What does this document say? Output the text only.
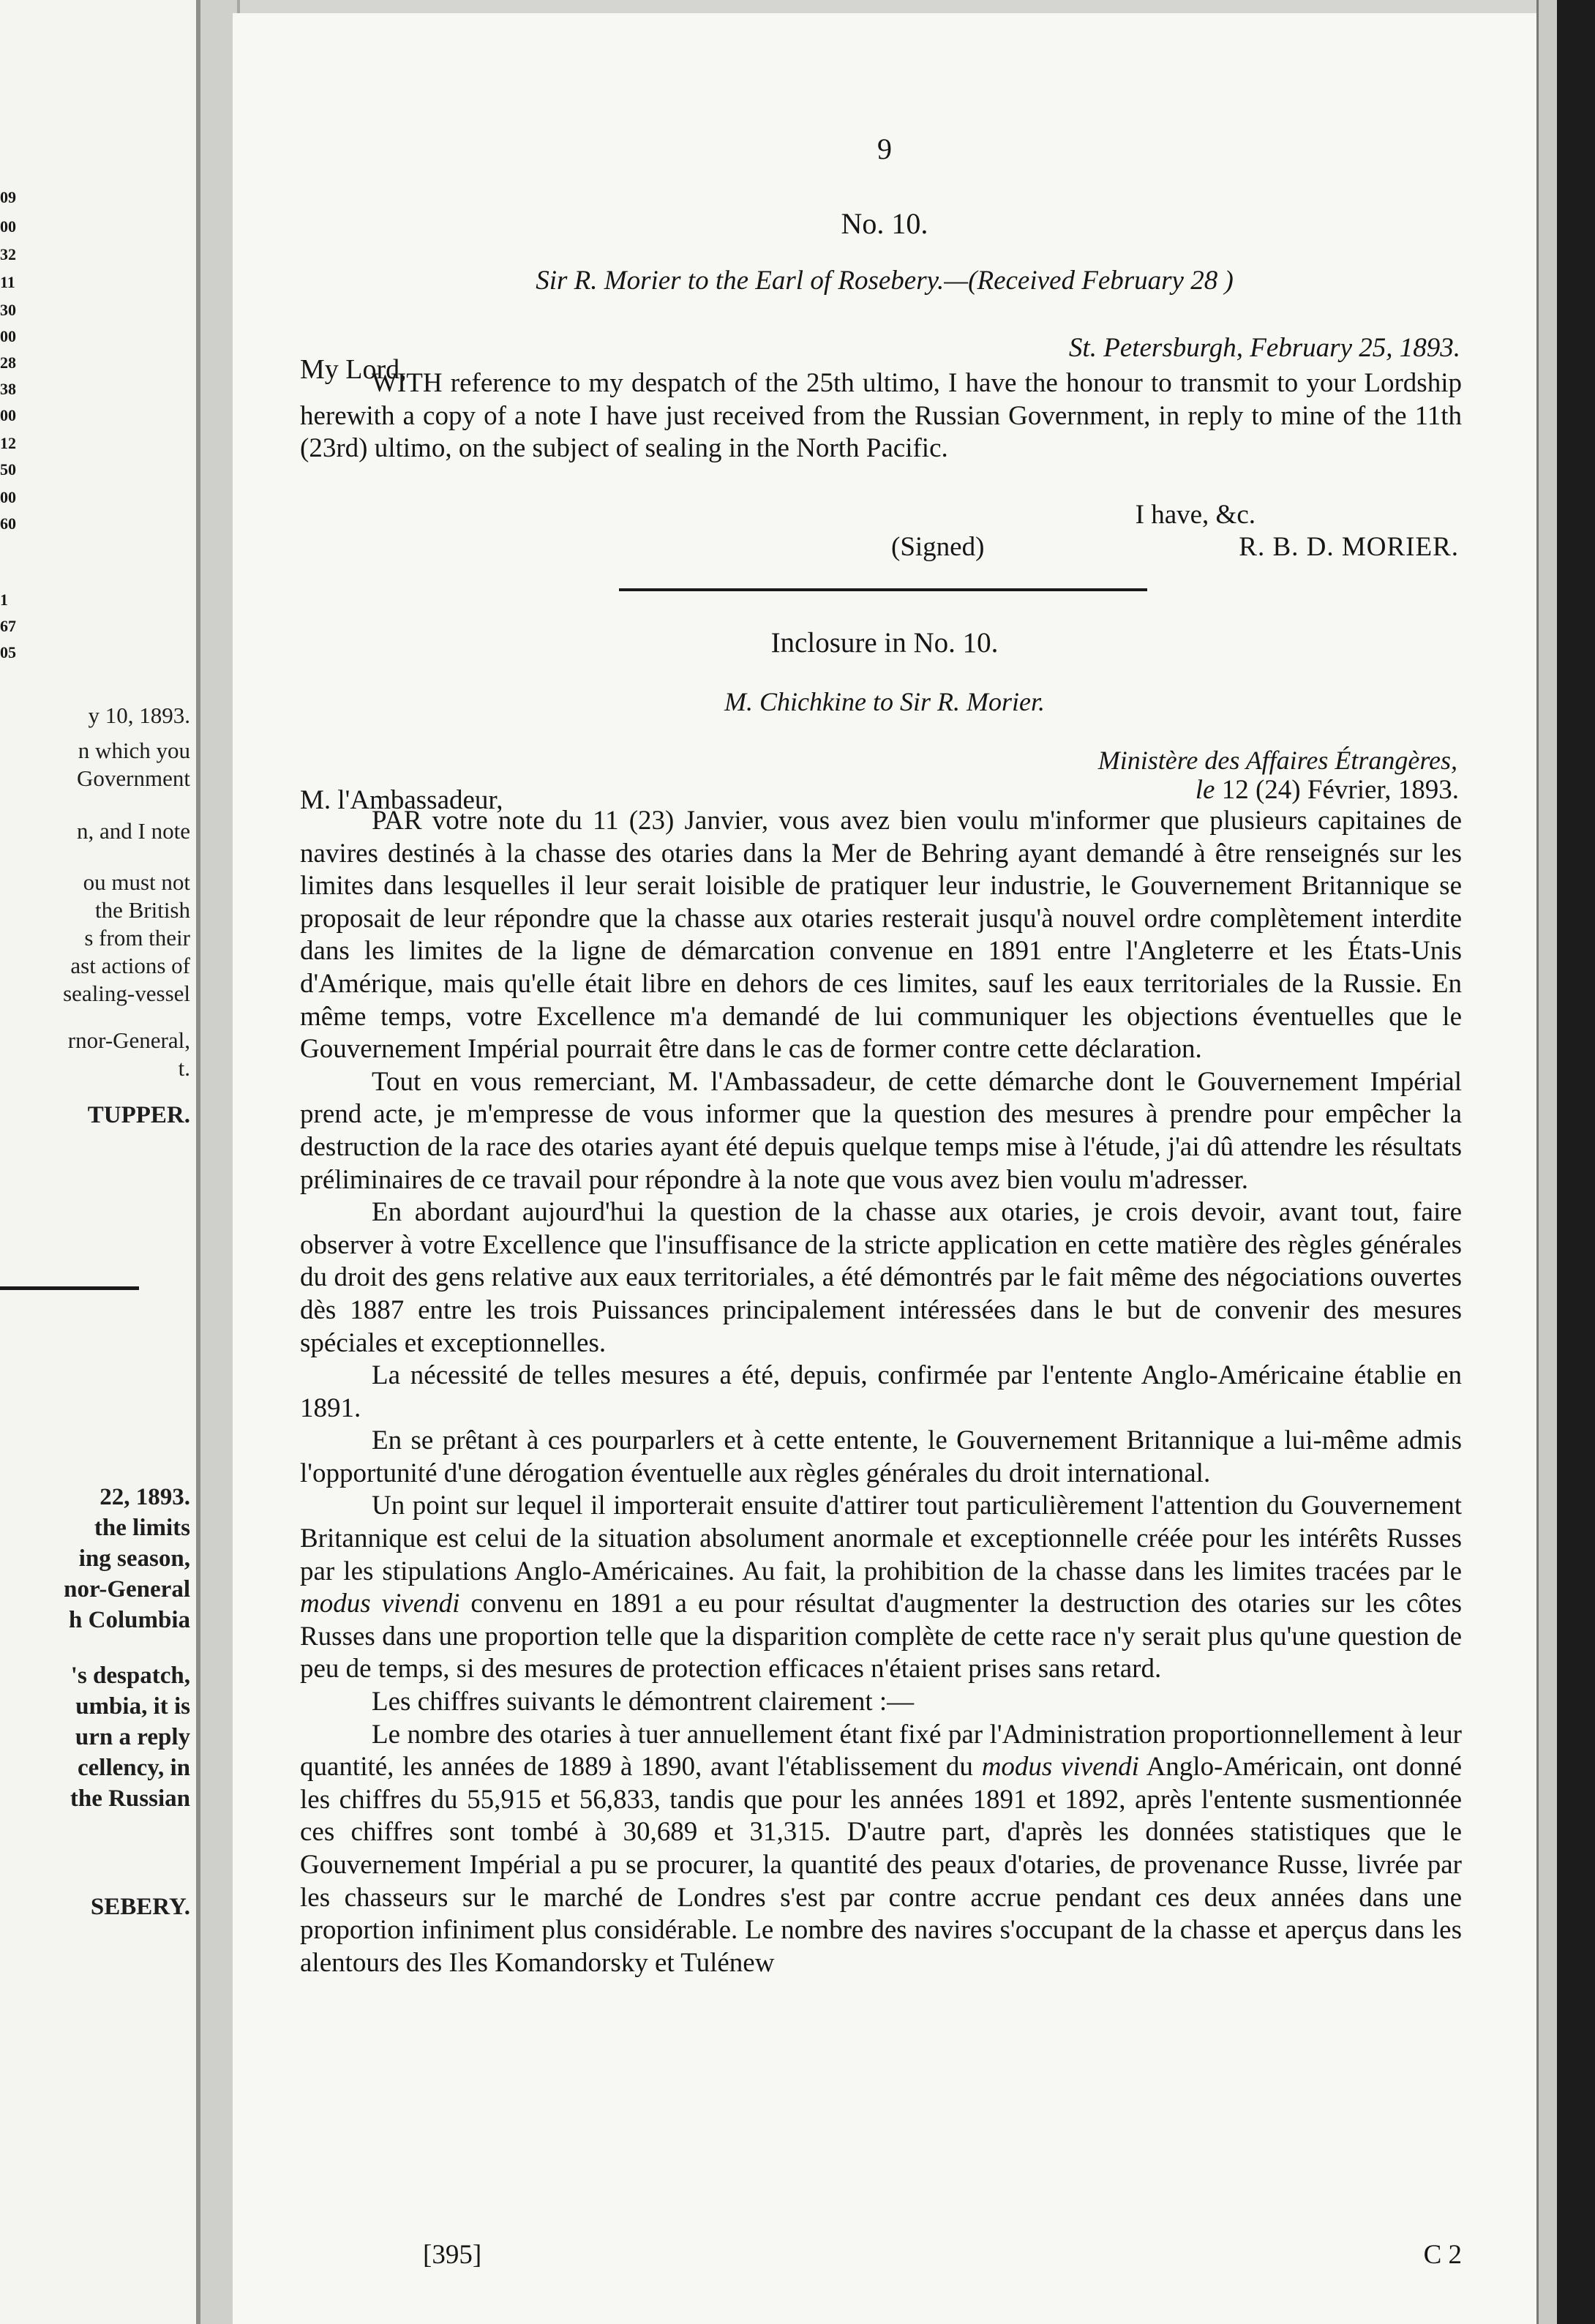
09
00
32
11
30
00
28
38
00
12
50
00
60
1
67
05
y 10, 1893.
n which you
Government
n, and I note
ou must not
the British
s from their
ast actions of
sealing-vessel
rnor-General,
t.
TUPPER.
22, 1893.
the limits
ing season,
nor-General
h Columbia
's despatch,
umbia, it is
urn a reply
cellency, in
the Russian
SEBERY.
9
No. 10.
Sir R. Morier to the Earl of Rosebery.—(Received February 28 )
St. Petersburgh, February 25, 1893.
My Lord,

WITH reference to my despatch of the 25th ultimo, I have the honour to transmit to your Lordship herewith a copy of a note I have just received from the Russian Government, in reply to mine of the 11th (23rd) ultimo, on the subject of sealing in the North Pacific.

I have, &c.
(Signed)	R. B. D. MORIER.
Inclosure in No. 10.
M. Chichkine to Sir R. Morier.
Ministère des Affaires Étrangères,
le 12 (24) Février, 1893.
M. l'Ambassadeur,

PAR votre note du 11 (23) Janvier, vous avez bien voulu m'informer que plusieurs capitaines de navires destinés à la chasse des otaries dans la Mer de Behring ayant demandé à être renseignés sur les limites dans lesquelles il leur serait loisible de pratiquer leur industrie, le Gouvernement Britannique se proposait de leur répondre que la chasse aux otaries resterait jusqu'à nouvel ordre complètement interdite dans les limites de la ligne de démarcation convenue en 1891 entre l'Angleterre et les États-Unis d'Amérique, mais qu'elle était libre en dehors de ces limites, sauf les eaux territoriales de la Russie. En même temps, votre Excellence m'a demandé de lui communiquer les objections éventuelles que le Gouvernement Impérial pourrait être dans le cas de former contre cette déclaration.

Tout en vous remerciant, M. l'Ambassadeur, de cette démarche dont le Gouvernement Impérial prend acte, je m'empresse de vous informer que la question des mesures à prendre pour empêcher la destruction de la race des otaries ayant été depuis quelque temps mise à l'étude, j'ai dû attendre les résultats préliminaires de ce travail pour répondre à la note que vous avez bien voulu m'adresser.

En abordant aujourd'hui la question de la chasse aux otaries, je crois devoir, avant tout, faire observer à votre Excellence que l'insuffisance de la stricte application en cette matière des règles générales du droit des gens relative aux eaux territoriales, a été démontrés par le fait même des négociations ouvertes dès 1887 entre les trois Puissances principalement intéressées dans le but de convenir des mesures spéciales et exceptionnelles.

La nécessité de telles mesures a été, depuis, confirmée par l'entente Anglo-Américaine établie en 1891.

En se prêtant à ces pourparlers et à cette entente, le Gouvernement Britannique a lui-même admis l'opportunité d'une dérogation éventuelle aux règles générales du droit international.

Un point sur lequel il importerait ensuite d'attirer tout particulièrement l'attention du Gouvernement Britannique est celui de la situation absolument anormale et exceptionnelle créée pour les intérêts Russes par les stipulations Anglo-Américaines. Au fait, la prohibition de la chasse dans les limites tracées par le modus vivendi convenu en 1891 a eu pour résultat d'augmenter la destruction des otaries sur les côtes Russes dans une proportion telle que la disparition complète de cette race n'y serait plus qu'une question de peu de temps, si des mesures de protection efficaces n'étaient prises sans retard.

Les chiffres suivants le démontrent clairement :—

Le nombre des otaries à tuer annuellement étant fixé par l'Administration proportionnellement à leur quantité, les années de 1889 à 1890, avant l'établissement du modus vivendi Anglo-Américain, ont donné les chiffres du 55,915 et 56,833, tandis que pour les années 1891 et 1892, après l'entente susmentionnée ces chiffres sont tombé à 30,689 et 31,315. D'autre part, d'après les données statistiques que le Gouvernement Impérial a pu se procurer, la quantité des peaux d'otaries, de provenance Russe, livrée par les chasseurs sur le marché de Londres s'est par contre accrue pendant ces deux années dans une proportion infiniment plus considérable. Le nombre des navires s'occupant de la chasse et aperçus dans les alentours des Iles Komandorsky et Tulénew

[395]	C 2
